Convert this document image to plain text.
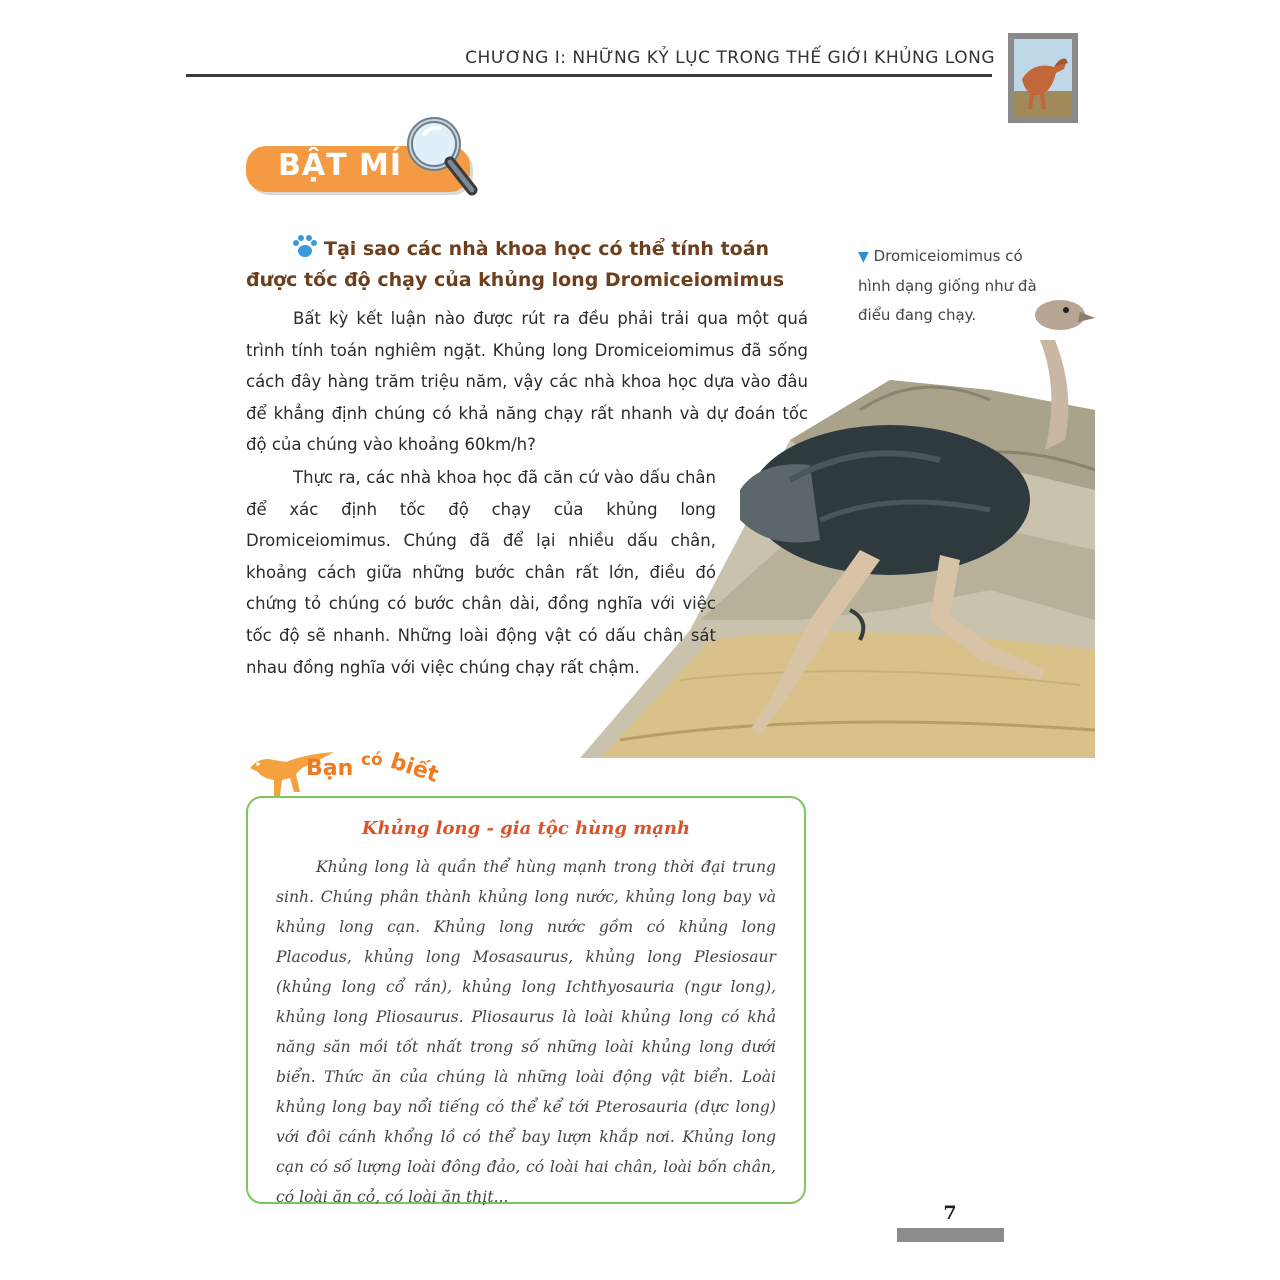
CHƯƠNG I: NHỮNG KỶ LỤC TRONG THẾ GIỚI KHỦNG LONG
BẬT MÍ
Tại sao các nhà khoa học có thể tính toán được tốc độ chạy của khủng long Dromiceiomimus
▼ Dromiceiomimus có hình dạng giống như đà điểu đang chạy.

Bất kỳ kết luận nào được rút ra đều phải trải qua một quá trình tính toán nghiêm ngặt. Khủng long Dromiceiomimus đã sống cách đây hàng trăm triệu năm, vậy các nhà khoa học dựa vào đâu để khẳng định chúng có khả năng chạy rất nhanh và dự đoán tốc độ của chúng vào khoảng 60km/h?

Thực ra, các nhà khoa học đã căn cứ vào dấu chân để xác định tốc độ chạy của khủng long Dromiceiomimus. Chúng đã để lại nhiều dấu chân, khoảng cách giữa những bước chân rất lớn, điều đó chứng tỏ chúng có bước chân dài, đồng nghĩa với việc tốc độ sẽ nhanh. Những loài động vật có dấu chân sát nhau đồng nghĩa với việc chúng chạy rất chậm.

Bạn $^{có}$ biết
Khủng long - gia tộc hùng mạnh

Khủng long là quần thể hùng mạnh trong thời đại trung sinh. Chúng phân thành khủng long nước, khủng long bay và khủng long cạn. Khủng long nước gồm có khủng long Placodus, khủng long Mosasaurus, khủng long Plesiosaur (khủng long cổ rắn), khủng long Ichthyosauria (ngư long), khủng long Pliosaurus. Pliosaurus là loài khủng long có khả năng săn mồi tốt nhất trong số những loài khủng long dưới biển. Thức ăn của chúng là những loài động vật biển. Loài khủng long bay nổi tiếng có thể kể tới Pterosauria (dực long) với đôi cánh khổng lồ có thể bay lượn khắp nơi. Khủng long cạn có số lượng loài đông đảo, có loài hai chân, loài bốn chân, có loài ăn cỏ, có loài ăn thịt...

7
